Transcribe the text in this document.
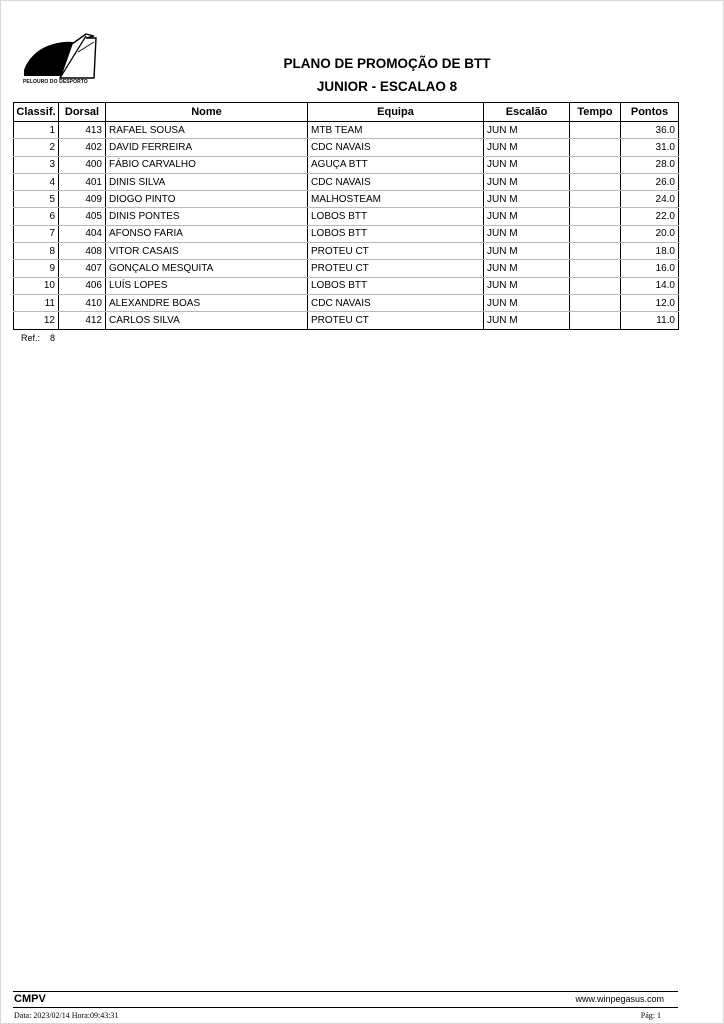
PELOURO DO DESPORTO
PLANO DE PROMOÇÃO DE BTT
JUNIOR - ESCALAO 8
Classif.	Dorsal	Nome	Equipa	Escalão	Tempo	Pontos
1	413	RAFAEL SOUSA	MTB TEAM	JUN M		36.0
2	402	DAVID FERREIRA	CDC NAVAIS	JUN M		31.0
3	400	FÁBIO CARVALHO	AGUÇA BTT	JUN M		28.0
4	401	DINIS SILVA	CDC NAVAIS	JUN M		26.0
5	409	DIOGO PINTO	MALHOSTEAM	JUN M		24.0
6	405	DINIS PONTES	LOBOS BTT	JUN M		22.0
7	404	AFONSO FARIA	LOBOS BTT	JUN M		20.0
8	408	VITOR CASAIS	PROTEU CT	JUN M		18.0
9	407	GONÇALO MESQUITA	PROTEU CT	JUN M		16.0
10	406	LUÍS LOPES	LOBOS BTT	JUN M		14.0
11	410	ALEXANDRE BOAS	CDC NAVAIS	JUN M		12.0
12	412	CARLOS SILVA	PROTEU CT	JUN M		11.0
Ref.: 8
CMPV	www.winpegasus.com
Data: 2023/02/14 Hora:09:43:31	Pág: 1
